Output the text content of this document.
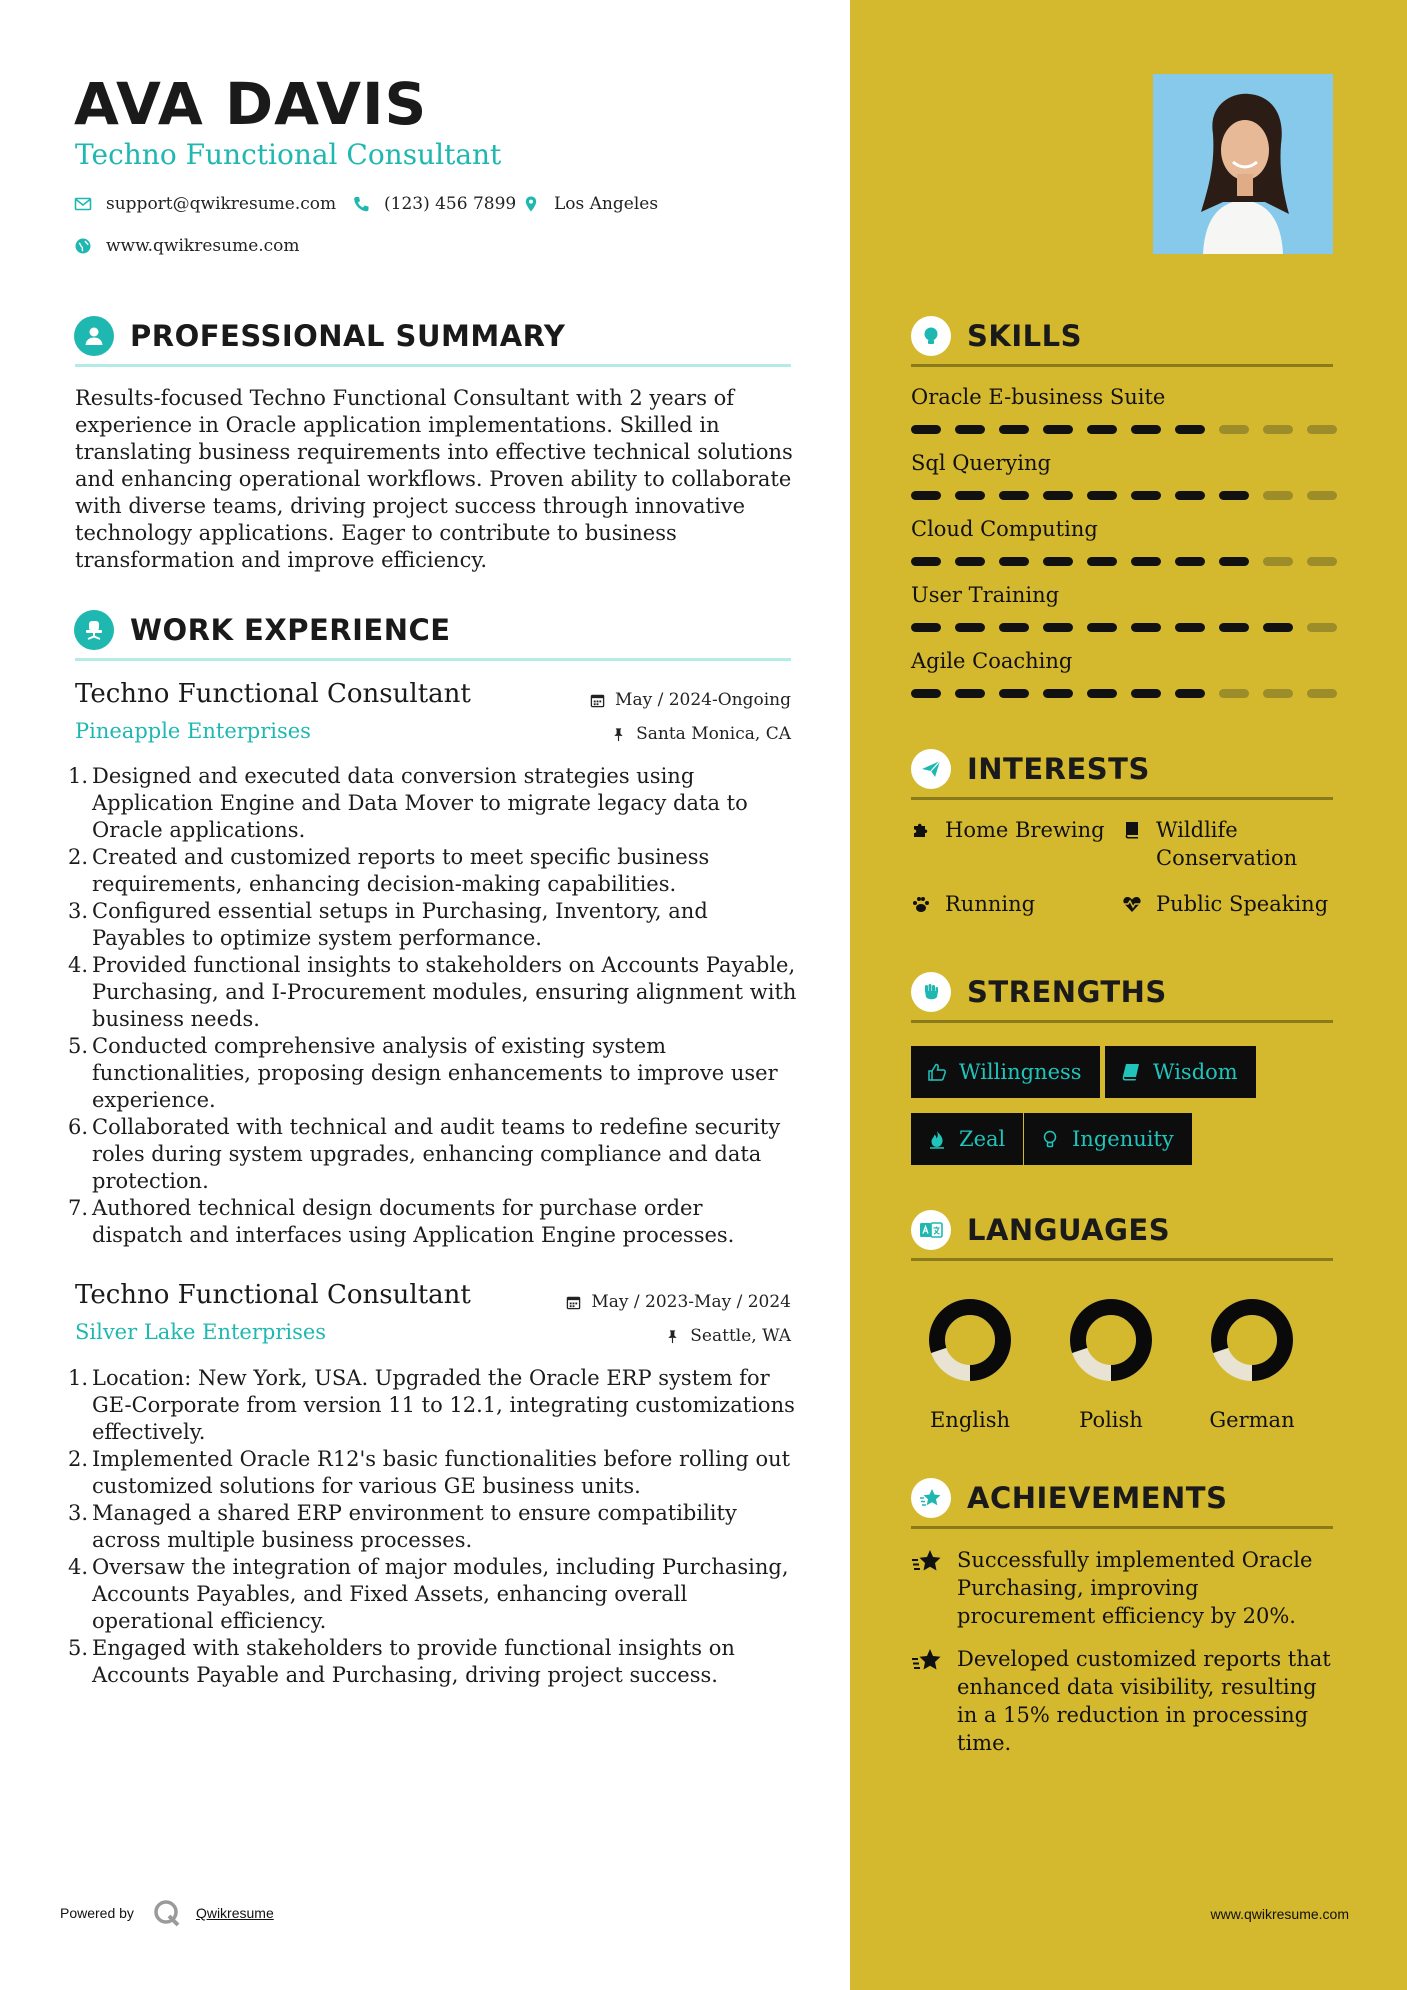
AVA DAVIS
Techno Functional Consultant
support@qwikresume.com	(123) 456 7899 Los Angeles
www.qwikresume.com
PROFESSIONAL SUMMARY
Results-focused Techno Functional Consultant with 2 years of experience in Oracle application implementations. Skilled in translating business requirements into effective technical solutions and enhancing operational workflows. Proven ability to collaborate with diverse teams, driving project success through innovative technology applications. Eager to contribute to business transformation and improve efficiency.
WORK EXPERIENCE
Techno Functional Consultant	May / 2024-Ongoing
Pineapple Enterprises	Santa Monica, CA
1. Designed and executed data conversion strategies using Application Engine and Data Mover to migrate legacy data to Oracle applications.
2. Created and customized reports to meet specific business requirements, enhancing decision-making capabilities.
3. Configured essential setups in Purchasing, Inventory, and Payables to optimize system performance.
4. Provided functional insights to stakeholders on Accounts Payable, Purchasing, and I-Procurement modules, ensuring alignment with business needs.
5. Conducted comprehensive analysis of existing system functionalities, proposing design enhancements to improve user experience.
6. Collaborated with technical and audit teams to redefine security roles during system upgrades, enhancing compliance and data protection.
7. Authored technical design documents for purchase order dispatch and interfaces using Application Engine processes.
Techno Functional Consultant	May / 2023-May / 2024
Silver Lake Enterprises	Seattle, WA
1. Location: New York, USA. Upgraded the Oracle ERP system for GE-Corporate from version 11 to 12.1, integrating customizations effectively.
2. Implemented Oracle R12's basic functionalities before rolling out customized solutions for various GE business units.
3. Managed a shared ERP environment to ensure compatibility across multiple business processes.
4. Oversaw the integration of major modules, including Purchasing, Accounts Payables, and Fixed Assets, enhancing overall operational efficiency.
5. Engaged with stakeholders to provide functional insights on Accounts Payable and Purchasing, driving project success.
Powered by	Qwikresume
SKILLS
Oracle E-business Suite
Sql Querying
Cloud Computing
User Training
Agile Coaching
INTERESTS
Home Brewing Wildlife Conservation
Running	Public Speaking
STRENGTHS
Willingness	Wisdom
Zeal	Ingenuity
LANGUAGES
English	Polish	German
ACHIEVEMENTS
Successfully implemented Oracle Purchasing, improving procurement efficiency by 20%.
Developed customized reports that enhanced data visibility, resulting in a 15% reduction in processing time.
www.qwikresume.com
